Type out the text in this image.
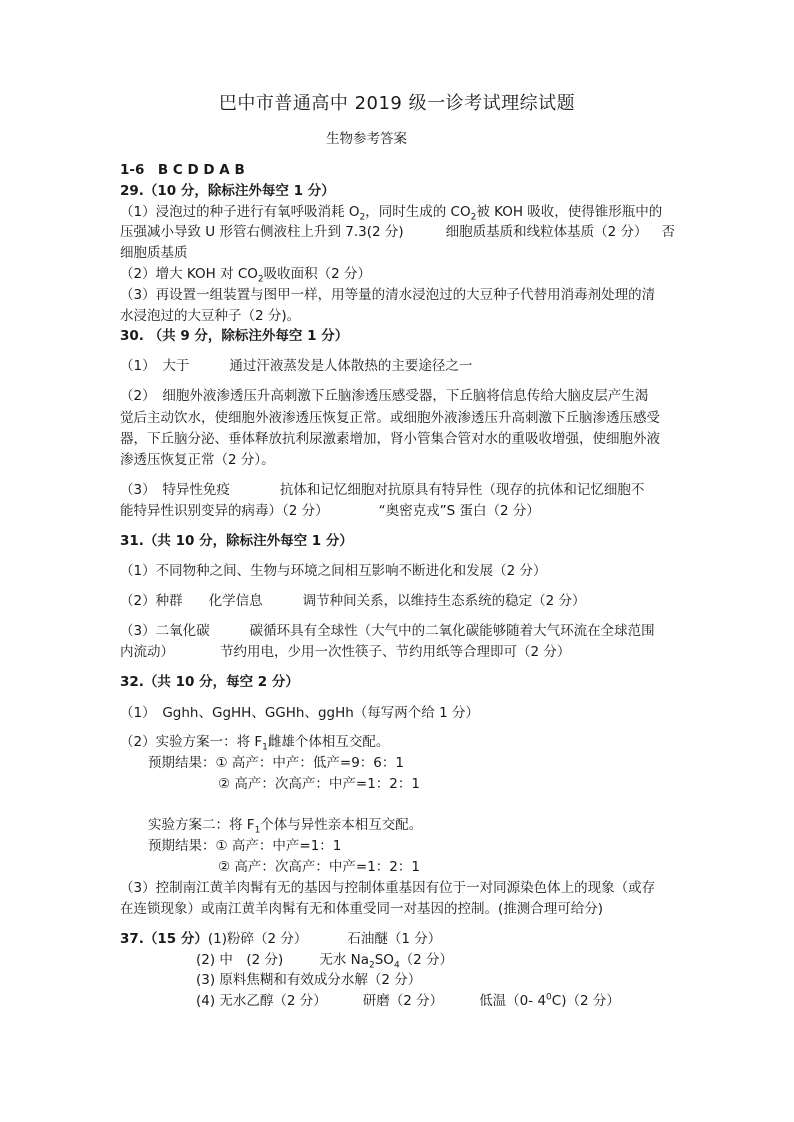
巴中市普通高中 2019 级一诊考试理综试题
生物参考答案
1-6　B C D D A B
29.（10 分，除标注外每空 1 分）
（1）浸泡过的种子进行有氧呼吸消耗 $O_2$，同时生成的 $CO_2$被 KOH 吸收，使得锥形瓶中的
压强减小导致 U 形管右侧液柱上升到 7.3(2 分)	细胞质基质和线粒体基质（2 分） 否
细胞质基质
（2）增大 KOH 对 $CO_2$吸收面积（2 分）
（3）再设置一组装置与图甲一样，用等量的清水浸泡过的大豆种子代替用消毒剂处理的清
水浸泡过的大豆种子（2 分)。
30. （共 9 分，除标注外每空 1 分）
（1）　大于	通过汗液蒸发是人体散热的主要途径之一
（2）　细胞外液渗透压升高刺激下丘脑渗透压感受器，下丘脑将信息传给大脑皮层产生渴
觉后主动饮水，使细胞外液渗透压恢复正常。或细胞外液渗透压升高刺激下丘脑渗透压感受
器，下丘脑分泌、垂体释放抗利尿激素增加，肾小管集合管对水的重吸收增强，使细胞外液
渗透压恢复正常（2 分）。
（3）　特异性免疫	抗体和记忆细胞对抗原具有特异性（现存的抗体和记忆细胞不
能特异性识别变异的病毒）（2 分）	“奥密克戎”S 蛋白（2 分）
31.（共 10 分，除标注外每空 1 分）
（1）不同物种之间、生物与环境之间相互影响不断进化和发展（2 分）
（2）种群 化学信息	调节种间关系，以维持生态系统的稳定（2 分）
（3）二氧化碳	碳循环具有全球性（大气中的二氧化碳能够随着大气环流在全球范围
内流动）	节约用电，少用一次性筷子、节约用纸等合理即可（2 分）
32.（共 10 分，每空 2 分）
（1）　Gghh、GgHH、GGHh、ggHh（每写两个给 1 分）
（2）实验方案一：将 $F_1$雌雄个体相互交配。
预期结果：① 高产：中产：低产=9：6：1
② 高产：次高产：中产=1：2：1
实验方案二：将 $F_1$个体与异性亲本相互交配。
预期结果：① 高产：中产=1：1
② 高产：次高产：中产=1：2：1
（3）控制南江黄羊肉髯有无的基因与控制体重基因有位于一对同源染色体上的现象（或存
在连锁现象）或南江黄羊肉髯有无和体重受同一对基因的控制。(推测合理可给分)
37.（15 分）(1)粉碎（2 分）	石油醚（1 分）
(2) 中　(2 分)	无水 $Na_2SO_4(2$ 分）
(3) 原料焦糊和有效成分水解（2 分）
(4) 无水乙醇（2 分）	研磨（2 分）	低温（0- $4^0C)(2$ 分）
